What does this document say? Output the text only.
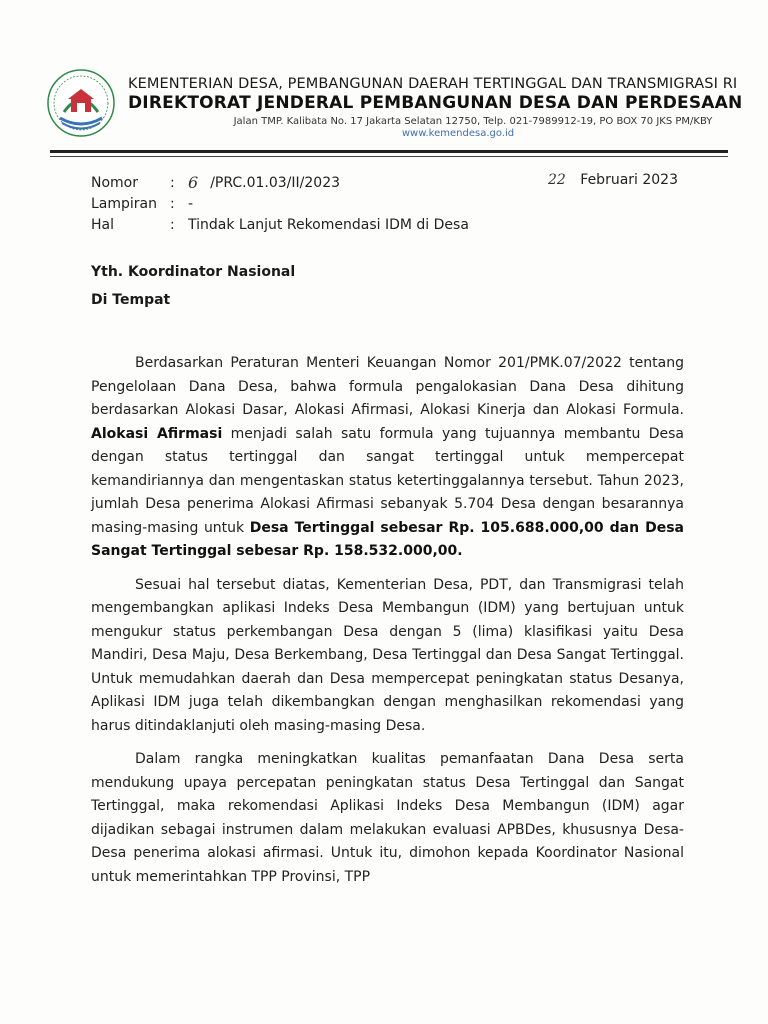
KEMENTERIAN DESA, PEMBANGUNAN DAERAH TERTINGGAL DAN TRANSMIGRASI RI
DIREKTORAT JENDERAL PEMBANGUNAN DESA DAN PERDESAAN
Jalan TMP. Kalibata No. 17 Jakarta Selatan 12750, Telp. 021-7989912-19, PO BOX 70 JKS PM/KBY
www.kemendesa.go.id
Nomor	: 6 /PRC.01.03/II/2023
Lampiran : -
Hal	: Tindak Lanjut Rekomendasi IDM di Desa
22 Februari 2023
Yth. Koordinator Nasional
Di Tempat

Berdasarkan Peraturan Menteri Keuangan Nomor 201/PMK.07/2022 tentang Pengelolaan Dana Desa, bahwa formula pengalokasian Dana Desa dihitung berdasarkan Alokasi Dasar, Alokasi Afirmasi, Alokasi Kinerja dan Alokasi Formula. Alokasi Afirmasi menjadi salah satu formula yang tujuannya membantu Desa dengan status tertinggal dan sangat tertinggal untuk mempercepat kemandiriannya dan mengentaskan status ketertinggalannya tersebut. Tahun 2023, jumlah Desa penerima Alokasi Afirmasi sebanyak 5.704 Desa dengan besarannya masing-masing untuk Desa Tertinggal sebesar Rp. 105.688.000,00 dan Desa Sangat Tertinggal sebesar Rp. 158.532.000,00.

Sesuai hal tersebut diatas, Kementerian Desa, PDT, dan Transmigrasi telah mengembangkan aplikasi Indeks Desa Membangun (IDM) yang bertujuan untuk mengukur status perkembangan Desa dengan 5 (lima) klasifikasi yaitu Desa Mandiri, Desa Maju, Desa Berkembang, Desa Tertinggal dan Desa Sangat Tertinggal. Untuk memudahkan daerah dan Desa mempercepat peningkatan status Desanya, Aplikasi IDM juga telah dikembangkan dengan menghasilkan rekomendasi yang harus ditindaklanjuti oleh masing-masing Desa.

Dalam rangka meningkatkan kualitas pemanfaatan Dana Desa serta mendukung upaya percepatan peningkatan status Desa Tertinggal dan Sangat Tertinggal, maka rekomendasi Aplikasi Indeks Desa Membangun (IDM) agar dijadikan sebagai instrumen dalam melakukan evaluasi APBDes, khususnya Desa-Desa penerima alokasi afirmasi. Untuk itu, dimohon kepada Koordinator Nasional untuk memerintahkan TPP Provinsi, TPP
